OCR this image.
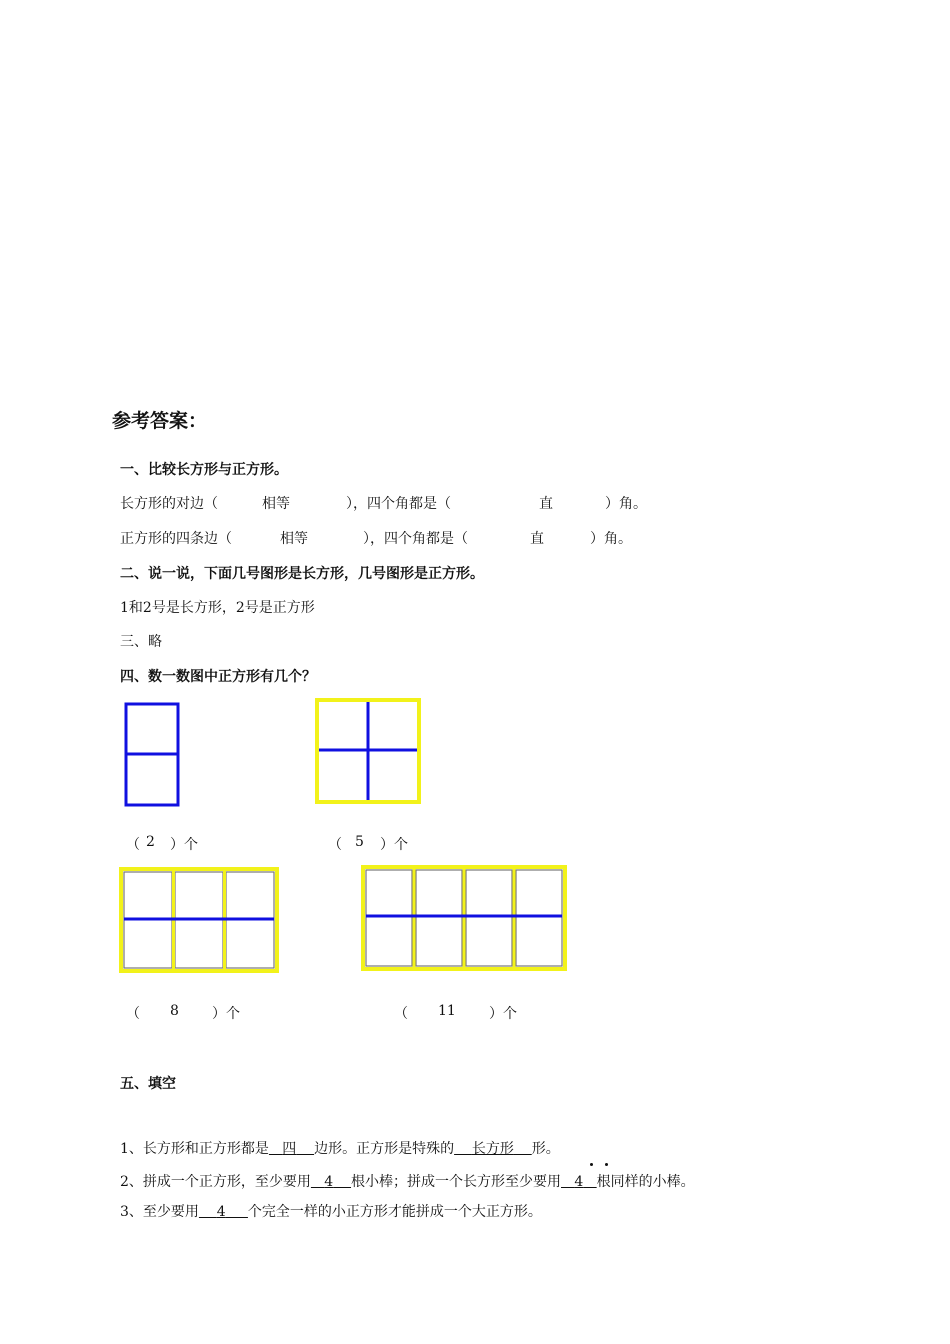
参考答案：
一、比较长方形与正方形。
长方形的对边（	相等	），四个角都是（	直	）角。
正方形的四条边（	相等	），四个角都是（	直	）角。
二、说一说，下面几号图形是长方形，几号图形是正方形。
1和2号是长方形，2号是正方形
三、略
四、数一数图中正方形有几个？
（ 2 ）个	（ 5 ）个
（ 8 ）个	（ 11 ）个
五、填空
1、长方形和正方形都是 四 边形。正方形是特殊的 长方形 形。
2、拼成一个正方形，至少要用 4 根小棒；拼成一个长方形至少要用 4 根同样的小棒。
3、至少要用 4 个完全一样的小正方形才能拼成一个大正方形。
